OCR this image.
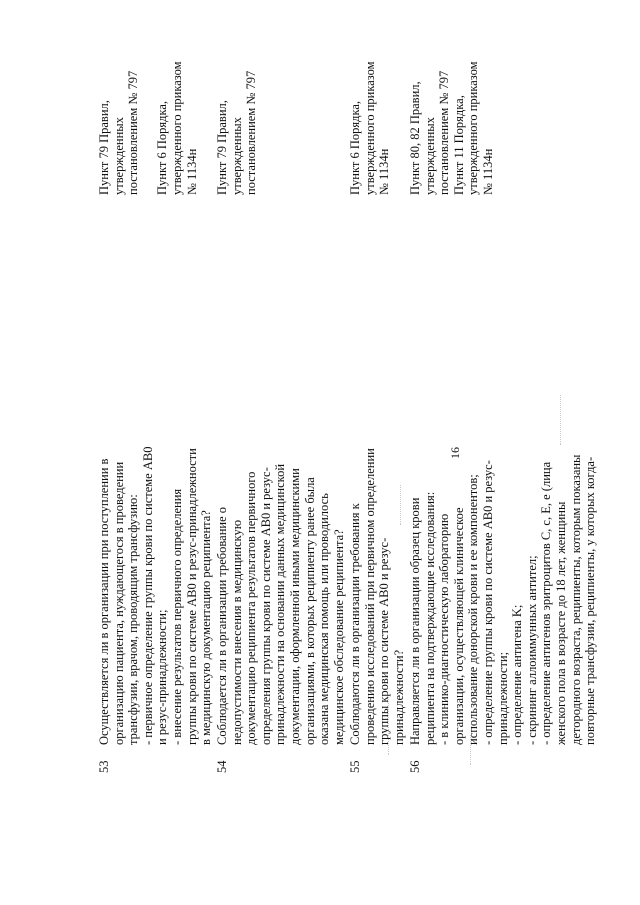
16
53
Осуществляется ли в организации при поступлении в
организацию пациента, нуждающегося в проведении
трансфузии, врачом, проводящим трансфузию:
- первичное определение группы крови по системе АВ0
и резус-принадлежности;
- внесение результатов первичного определения
группы крови по системе АВ0 и резус-принадлежности
в медицинскую документацию реципиента?
Пункт 79 Правил,
утвержденных
постановлением № 797

Пункт 6 Порядка,
утвержденного приказом
№ 1134н
54
Соблюдается ли в организации требование о
недопустимости внесения в медицинскую
документацию реципиента результатов первичного
определения группы крови по системе АВ0 и резус-
принадлежности на основании данных медицинской
документации, оформленной иными медицинскими
организациями, в которых реципиенту ранее была
оказана медицинская помощь или проводилось
медицинское обследование реципиента?
Пункт 79 Правил,
утвержденных
постановлением № 797
55
Соблюдаются ли в организации требования к
проведению исследований при первичном определении
группы крови по системе АВ0 и резус-
принадлежности?
Пункт 6 Порядка,
утвержденного приказом
№ 1134н
56
Направляется ли в организации образец крови
реципиента на подтверждающие исследования:
- в клинико-диагностическую лабораторию
организации, осуществляющей клиническое
использование донорской крови и ее компонентов;
- определение группы крови по системе АВ0 и резус-
принадлежности;
- определение антигена K;
- скрининг аллоиммунных антител;
- определение антигенов эритроцитов C, c, E, e (лица
женского пола в возрасте до 18 лет, женщины
детородного возраста, реципиенты, которым показаны
повторные трансфузии, реципиенты, у которых когда-
Пункт 80, 82 Правил,
утвержденных
постановлением № 797
Пункт 11 Порядка,
утвержденного приказом
№ 1134н
